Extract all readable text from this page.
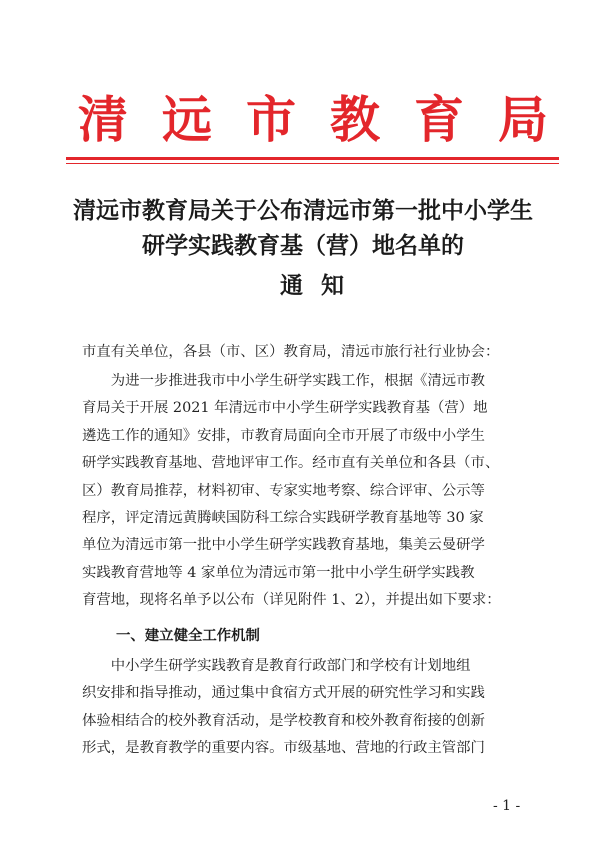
清 远 市 教 育 局
清远市教育局关于公布清远市第一批中小学生
研学实践教育基（营）地名单的
通知
市直有关单位，各县（市、区）教育局，清远市旅行社行业协会：
　　为进一步推进我市中小学生研学实践工作，根据《清远市教
育局关于开展 2021 年清远市中小学生研学实践教育基（营）地
遴选工作的通知》安排，市教育局面向全市开展了市级中小学生
研学实践教育基地、营地评审工作。经市直有关单位和各县（市、
区）教育局推荐，材料初审、专家实地考察、综合评审、公示等
程序，评定清远黄腾峡国防科工综合实践研学教育基地等 30 家
单位为清远市第一批中小学生研学实践教育基地，集美云曼研学
实践教育营地等 4 家单位为清远市第一批中小学生研学实践教
育营地，现将名单予以公布（详见附件 1、2），并提出如下要求：
一、建立健全工作机制
　　中小学生研学实践教育是教育行政部门和学校有计划地组
织安排和指导推动，通过集中食宿方式开展的研究性学习和实践
体验相结合的校外教育活动，是学校教育和校外教育衔接的创新
形式，是教育教学的重要内容。市级基地、营地的行政主管部门
- 1 -
